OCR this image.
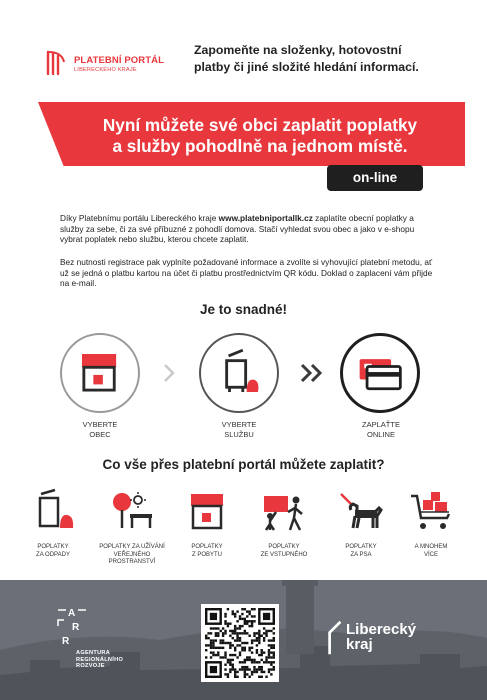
PLATEBNÍ PORTÁL
LIBERECKÉHO KRAJE
Zapomeňte na složenky, hotovostní
platby či jiné složité hledání informací.
Nyní můžete své obci zaplatit poplatky
a služby pohodlně na jednom místě.
on-line
Díky Platebnímu portálu Libereckého kraje www.platebniportallk.cz zaplatíte obecní poplatky a služby za sebe, či za své příbuzné z pohodlí domova. Stačí vyhledat svou obec a jako v e-shopu vybrat poplatek nebo službu, kterou chcete zaplatit.
Bez nutnosti registrace pak vyplníte požadované informace a zvolíte si vyhovující platební metodu, ať už se jedná o platbu kartou na účet či platbu prostřednictvím QR kódu. Doklad o zaplacení vám přijde na e-mail.
Je to snadné!
VYBERTE
OBEC
VYBERTE
SLUŽBU
ZAPLAŤTE
ONLINE
Co vše přes platební portál můžete zaplatit?
POPLATKY
ZA ODPADY
POPLATKY ZA UŽÍVÁNÍ
VEŘEJNÉHO
PROSTRANSTVÍ
POPLATKY
Z POBYTU
POPLATKY
ZE VSTUPNÉHO
POPLATKY
ZA PSA
A MNOHEM
VÍCE
A
R
R
AGENTURA
REGIONÁLNÍHO
ROZVOJE
Liberecký
kraj
